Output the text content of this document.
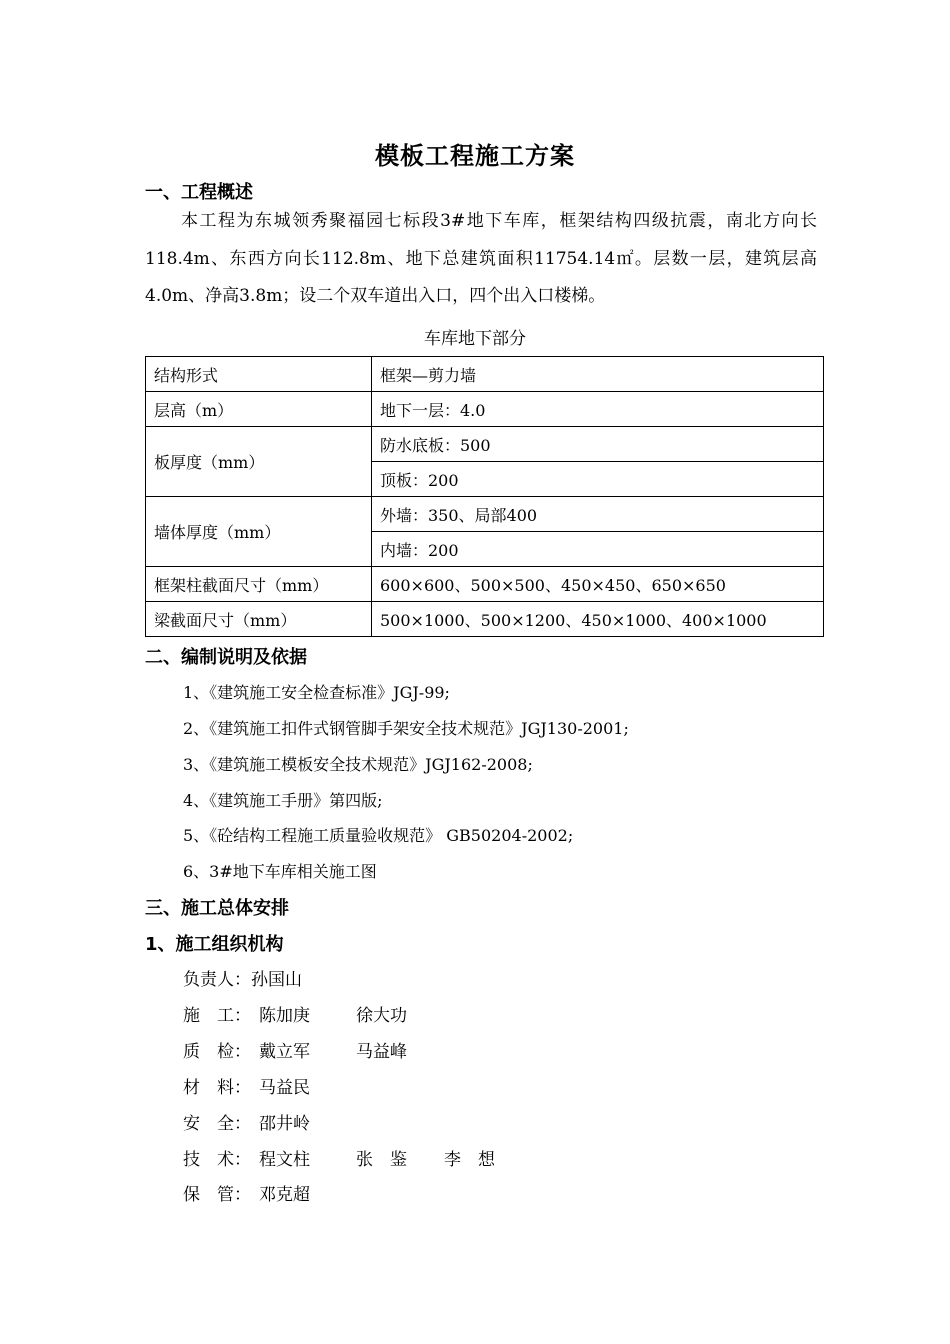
模板工程施工方案
一、工程概述
本工程为东城领秀聚福园七标段3#地下车库，框架结构四级抗震，南北方向长118.4m、东西方向长112.8m、地下总建筑面积11754.14㎡。层数一层，建筑层高4.0m、净高3.8m；设二个双车道出入口，四个出入口楼梯。
车库地下部分
结构形式	框架—剪力墙
层高（m）	地下一层：4.0
板厚度（mm）	防水底板：500
	顶板：200
墙体厚度（mm）	外墙：350、局部400
	内墙：200
框架柱截面尺寸（mm）	600×600、500×500、450×450、650×650
梁截面尺寸（mm）	500×1000、500×1200、450×1000、400×1000
二、编制说明及依据
1、《建筑施工安全检查标准》JGJ-99;
2、《建筑施工扣件式钢管脚手架安全技术规范》JGJ130-2001;
3、《建筑施工模板安全技术规范》JGJ162-2008;
4、《建筑施工手册》第四版;
5、《砼结构工程施工质量验收规范》 GB50204-2002;
6、3#地下车库相关施工图
三、施工总体安排
1、施工组织机构
负责人：孙国山
施　工： 陈加庚	徐大功
质　检： 戴立军	马益峰
材　料： 马益民
安　全： 邵井岭
技　术： 程文柱	张　鉴 李　想
保　管： 邓克超
